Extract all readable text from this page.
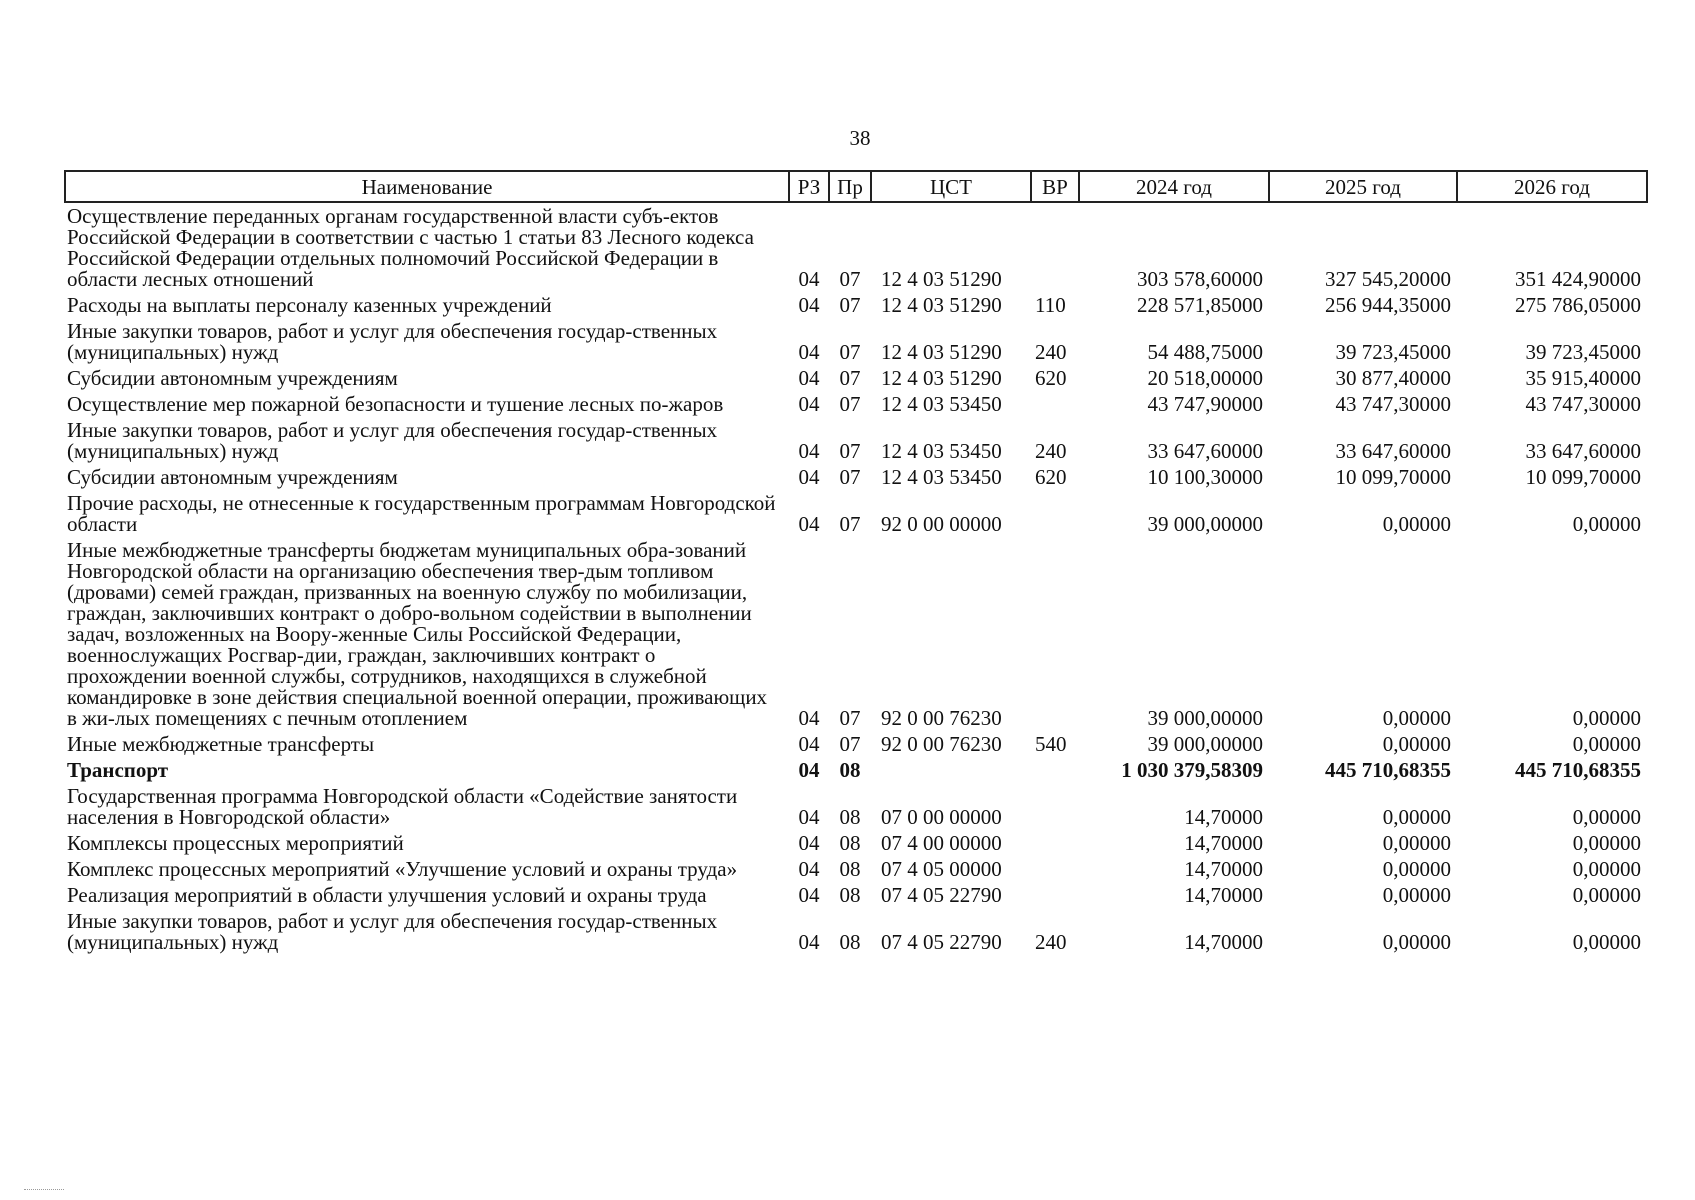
38
Наименование	РЗ	Пр	ЦСТ	ВР	2024 год	2025 год	2026 год
Осуществление переданных органам государственной власти субъ-ектов Российской Федерации в соответствии с частью 1 статьи 83 Лесного кодекса Российской Федерации отдельных полномочий Российской Федерации в области лесных отношений	04	07	12 4 03 51290		303 578,60000	327 545,20000	351 424,90000
Расходы на выплаты персоналу казенных учреждений	04	07	12 4 03 51290	110	228 571,85000	256 944,35000	275 786,05000
Иные закупки товаров, работ и услуг для обеспечения государ-ственных (муниципальных) нужд	04	07	12 4 03 51290	240	54 488,75000	39 723,45000	39 723,45000
Субсидии автономным учреждениям	04	07	12 4 03 51290	620	20 518,00000	30 877,40000	35 915,40000
Осуществление мер пожарной безопасности и тушение лесных по-жаров	04	07	12 4 03 53450		43 747,90000	43 747,30000	43 747,30000
Иные закупки товаров, работ и услуг для обеспечения государ-ственных (муниципальных) нужд	04	07	12 4 03 53450	240	33 647,60000	33 647,60000	33 647,60000
Субсидии автономным учреждениям	04	07	12 4 03 53450	620	10 100,30000	10 099,70000	10 099,70000
Прочие расходы, не отнесенные к государственным программам Новгородской области	04	07	92 0 00 00000		39 000,00000	0,00000	0,00000
Иные межбюджетные трансферты бюджетам муниципальных обра-зований Новгородской области на организацию обеспечения твер-дым топливом (дровами) семей граждан, призванных на военную службу по мобилизации, граждан, заключивших контракт о добро-вольном содействии в выполнении задач, возложенных на Воору-женные Силы Российской Федерации, военнослужащих Росгвар-дии, граждан, заключивших контракт о прохождении военной службы, сотрудников, находящихся в служебной командировке в зоне действия специальной военной операции, проживающих в жи-лых помещениях с печным отоплением	04	07	92 0 00 76230		39 000,00000	0,00000	0,00000
Иные межбюджетные трансферты	04	07	92 0 00 76230	540	39 000,00000	0,00000	0,00000
Транспорт	04	08			1 030 379,58309	445 710,68355	445 710,68355
Государственная программа Новгородской области «Содействие занятости населения в Новгородской области»	04	08	07 0 00 00000		14,70000	0,00000	0,00000
Комплексы процессных мероприятий	04	08	07 4 00 00000		14,70000	0,00000	0,00000
Комплекс процессных мероприятий «Улучшение условий и охраны труда»	04	08	07 4 05 00000		14,70000	0,00000	0,00000
Реализация мероприятий в области улучшения условий и охраны труда	04	08	07 4 05 22790		14,70000	0,00000	0,00000
Иные закупки товаров, работ и услуг для обеспечения государ-ственных (муниципальных) нужд	04	08	07 4 05 22790	240	14,70000	0,00000	0,00000
